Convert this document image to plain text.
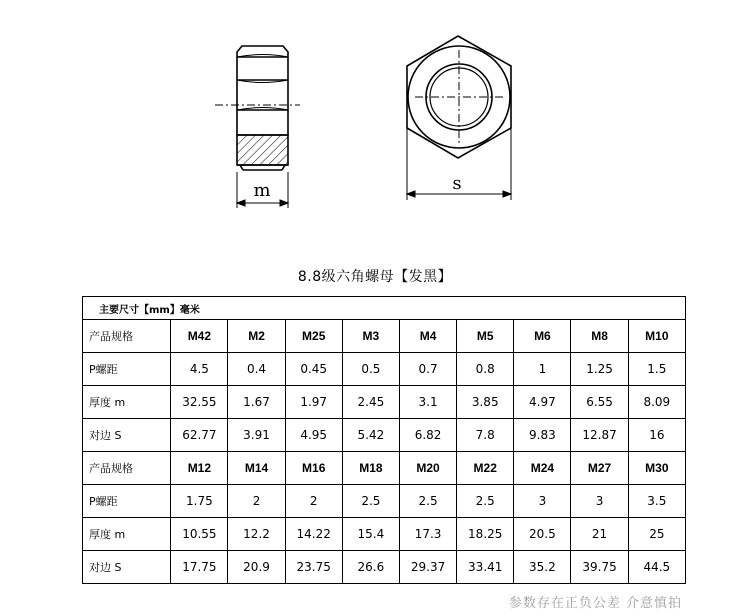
m	s
8.8级六角螺母【发黑】
主要尺寸【mm】毫米									
产品规格	M42	M2	M25	M3	M4	M5	M6	M8	M10
P螺距	4.5	0.4	0.45	0.5	0.7	0.8	1	1.25	1.5
厚度 m	32.55	1.67	1.97	2.45	3.1	3.85	4.97	6.55	8.09
对边 S	62.77	3.91	4.95	5.42	6.82	7.8	9.83	12.87	16
产品规格	M12	M14	M16	M18	M20	M22	M24	M27	M30
P螺距	1.75	2	2	2.5	2.5	2.5	3	3	3.5
厚度 m	10.55	12.2	14.22	15.4	17.3	18.25	20.5	21	25
对边 S	17.75	20.9	23.75	26.6	29.37	33.41	35.2	39.75	44.5
参数存在正负公差 介意慎拍
